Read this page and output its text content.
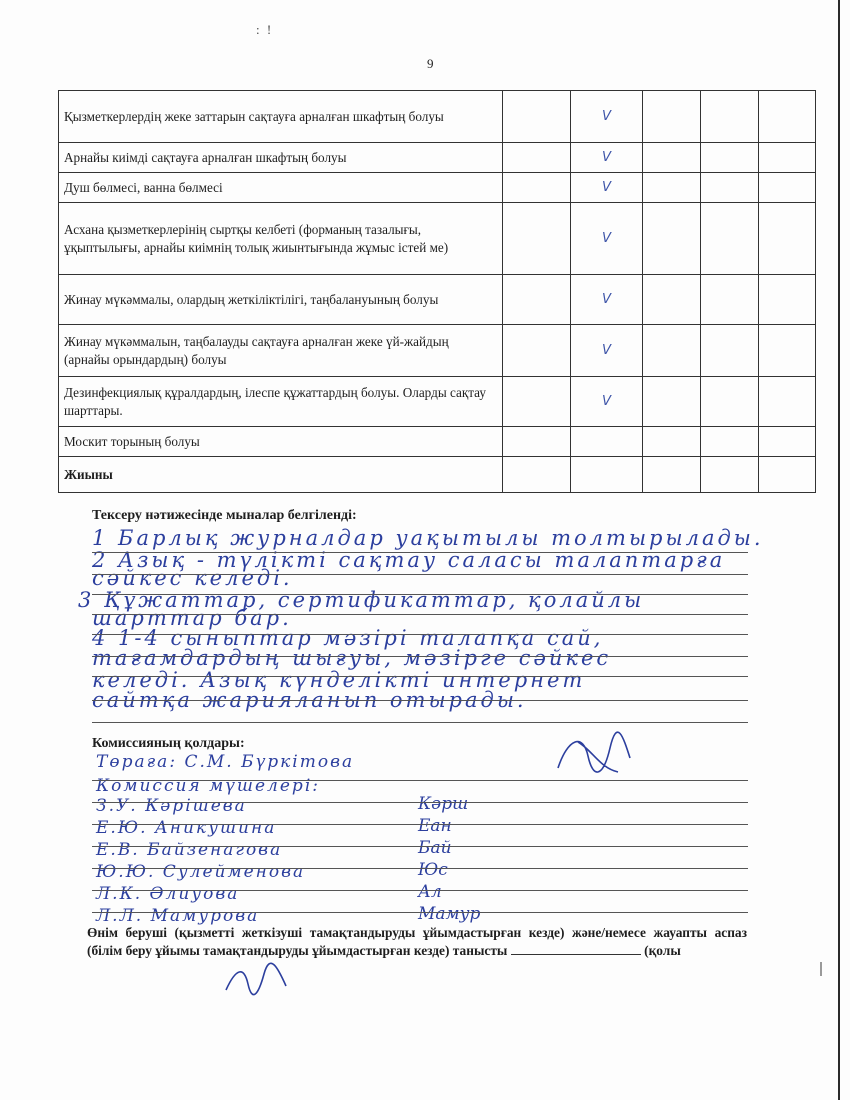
: !
9
Қызметкерлердің жеке заттарын сақтауға арналған шкафтың болуы		V			
Арнайы киімді сақтауға арналған шкафтың болуы		V			
Душ бөлмесі, ванна бөлмесі		V			
Асхана қызметкерлерінің сыртқы келбеті (форманың тазалығы, ұқыптылығы, арнайы киімнің толық жиынтығында жұмыс істей ме)		V			
Жинау мүкәммалы, олардың жеткіліктілігі, таңбалануының болуы		V			
Жинау мүкәммалын, таңбалауды сақтауға арналған жеке үй-жайдың (арнайы орындардың) болуы		V			
Дезинфекциялық құралдардың, ілеспе құжаттардың болуы. Оларды сақтау шарттары.		V			
Москит торының болуы					
Жиыны					
Тексеру нәтижесінде мыналар белгіленді:
1 Барлық журналдар уақытылы толтырылады.
2 Азық - түлікті сақтау саласы талаптарға
сәйкес келеді.
3 Құжаттар, сертификаттар, қолайлы
шарттар бар.
4 1-4 сыныптар мәзірі талапқа сай,
тағамдардың шығуы, мәзірге сәйкес
келеді. Азық күнделікті интернет
сайтқа жарияланып отырады.
Комиссияның қолдары:
Төраға: С.М. Бүркітова
Комиссия мүшелері:
З.У. Кәрішева	Кәрш
Е.Ю. Аникушина	Еан
Е.В. Байзенагова	Бай
Ю.Ю. Сулейменова	Юс
Л.К. Әлиуова	Ал
Л.Л. Мамурова	Мамур
Өнім беруші (қызметті жеткізуші тамақтандыруды ұйымдастырған кезде) және/немесе жауапты аспаз (білім беру ұйымы тамақтандыруды ұйымдастырған кезде) танысты	(қолы
